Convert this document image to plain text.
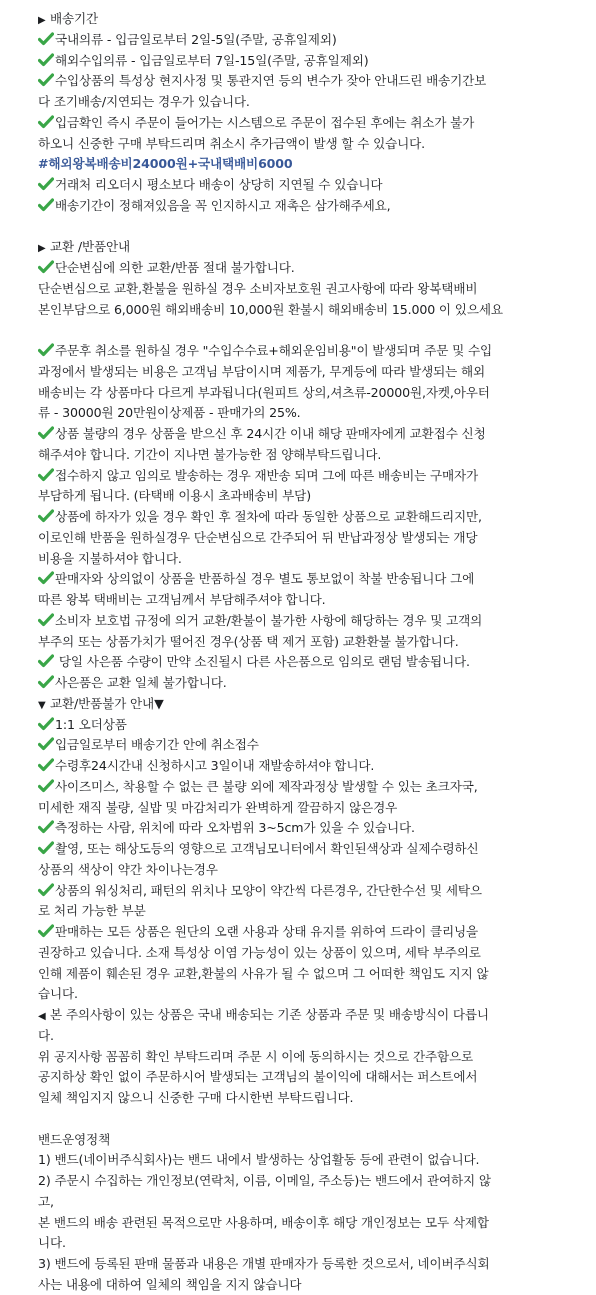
▶ 배송기간
국내의류 - 입금일로부터 2일-5일(주말, 공휴일제외)
해외수입의류 - 입금일로부터 7일-15일(주말, 공휴일제외)
수입상품의 특성상 현지사정 및 통관지연 등의 변수가 잦아 안내드린 배송기간보
다 조기배송/지연되는 경우가 있습니다.
입금확인 즉시 주문이 들어가는 시스템으로 주문이 접수된 후에는 취소가 불가
하오니 신중한 구매 부탁드리며 취소시 추가금액이 발생 할 수 있습니다.
#해외왕복배송비24000원+국내택배비6000
거래처 리오더시 평소보다 배송이 상당히 지연될 수 있습니다
배송기간이 정해져있음을 꼭 인지하시고 재촉은 삼가해주세요,
▶ 교환 /반품안내
단순변심에 의한 교환/반품 절대 불가합니다.
단순변심으로 교환,환불을 원하실 경우 소비자보호원 권고사항에 따라 왕복택배비
본인부담으로 6,000원 해외배송비 10,000원 환불시 해외배송비 15.000 이 있으세요
주문후 취소를 원하실 경우 "수입수수료+해외운임비용"이 발생되며 주문 및 수입
과정에서 발생되는 비용은 고객님 부담이시며 제품가, 무게등에 따라 발생되는 해외
배송비는 각 상품마다 다르게 부과됩니다(원피트 상의,셔츠류-20000원,자켓,아우터
류 - 30000원 20만원이상제품 - 판매가의 25%.
상품 불량의 경우 상품을 받으신 후 24시간 이내 해당 판매자에게 교환접수 신청
해주셔야 합니다. 기간이 지나면 불가능한 점 양해부탁드립니다.
접수하지 않고 임의로 발송하는 경우 재반송 되며 그에 따른 배송비는 구매자가
부담하게 됩니다. (타택배 이용시 초과배송비 부담)
상품에 하자가 있을 경우 확인 후 절차에 따라 동일한 상품으로 교환해드리지만,
이로인해 반품을 원하실경우 단순변심으로 간주되어 뒤 반납과정상 발생되는 개당
비용을 지불하셔야 합니다.
판매자와 상의없이 상품을 반품하실 경우 별도 통보없이 착불 반송됩니다 그에
따른 왕복 택배비는 고객님께서 부담해주셔야 합니다.
소비자 보호법 규정에 의거 교환/환불이 불가한 사항에 해당하는 경우 및 고객의
부주의 또는 상품가치가 떨어진 경우(상품 택 제거 포함) 교환환불 불가합니다.
당일 사은품 수량이 만약 소진될시 다른 사은품으로 임의로 랜덤 발송됩니다.
사은품은 교환 일체 불가합니다.
▼ 교환/반품불가 안내▼
1:1 오더상품
입금일로부터 배송기간 안에 취소접수
수령후24시간내 신청하시고 3일이내 재발송하셔야 합니다.
사이즈미스, 착용할 수 없는 큰 불량 외에 제작과정상 발생할 수 있는 초크자국,
미세한 재직 불량, 실밥 및 마감처리가 완벽하게 깔끔하지 않은경우
측정하는 사람, 위치에 따라 오차범위 3~5cm가 있을 수 있습니다.
촬영, 또는 해상도등의 영향으로 고객님모니터에서 확인된색상과 실제수령하신
상품의 색상이 약간 차이나는경우
상품의 워싱처리, 패턴의 위치나 모양이 약간씩 다른경우, 간단한수선 및 세탁으
로 처리 가능한 부분
판매하는 모든 상품은 원단의 오랜 사용과 상태 유지를 위하여 드라이 클리닝을
권장하고 있습니다. 소재 특성상 이염 가능성이 있는 상품이 있으며, 세탁 부주의로
인해 제품이 훼손된 경우 교환,환불의 사유가 될 수 없으며 그 어떠한 책임도 지지 않
습니다.
◀ 본 주의사항이 있는 상품은 국내 배송되는 기존 상품과 주문 및 배송방식이 다릅니
다.
위 공지사항 꼼꼼히 확인 부탁드리며 주문 시 이에 동의하시는 것으로 간주함으로
공지하상 확인 없이 주문하시어 발생되는 고객님의 불이익에 대해서는 퍼스트에서
일체 책임지지 않으니 신중한 구매 다시한번 부탁드립니다.
밴드운영정책
1) 밴드(네이버주식회사)는 밴드 내에서 발생하는 상업활동 등에 관련이 없습니다.
2) 주문시 수집하는 개인정보(연락처, 이름, 이메일, 주소등)는 밴드에서 관여하지 않
고,
본 밴드의 배송 관련된 목적으로만 사용하며, 배송이후 해당 개인정보는 모두 삭제합
니다.
3) 밴드에 등록된 판매 물품과 내용은 개별 판매자가 등록한 것으로서, 네이버주식회
사는 내용에 대하여 일체의 책임을 지지 않습니다
